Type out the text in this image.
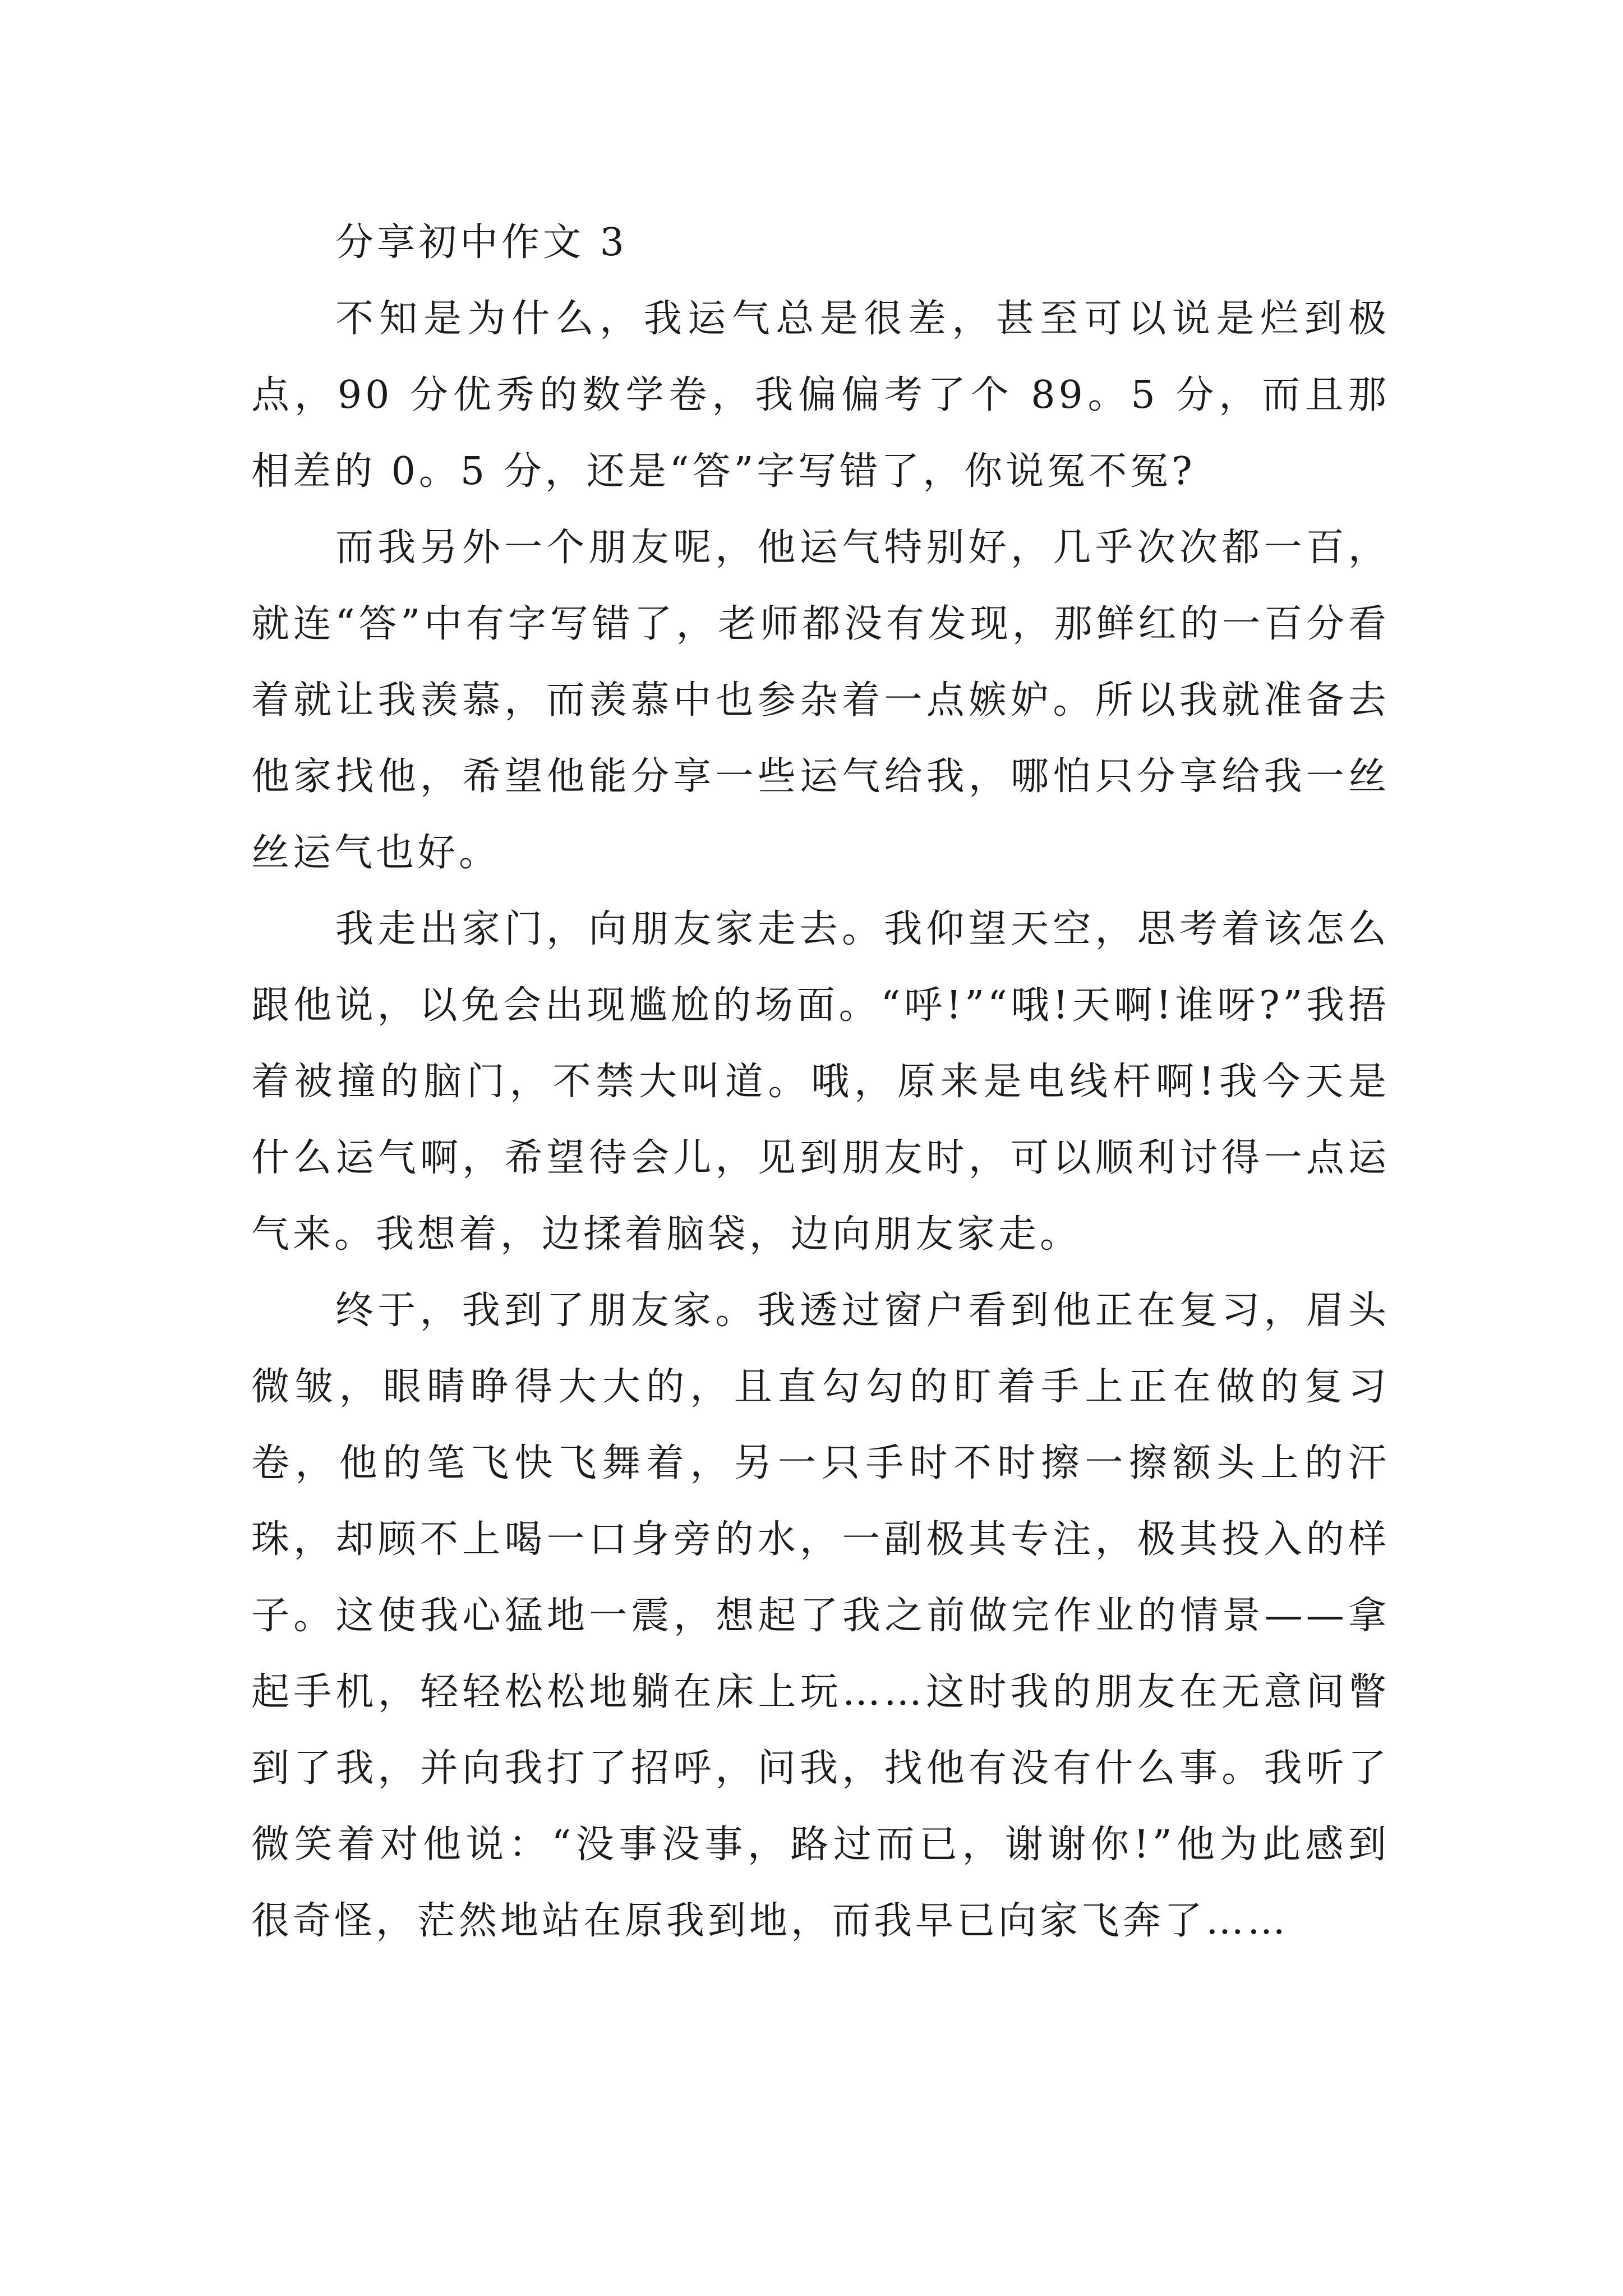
分享初中作文 3

不知是为什么，我运气总是很差，甚至可以说是烂到极点，90 分优秀的数学卷，我偏偏考了个 89。5 分，而且那相差的 0。5 分，还是“答”字写错了，你说冤不冤?

而我另外一个朋友呢，他运气特别好，几乎次次都一百，就连“答”中有字写错了，老师都没有发现，那鲜红的一百分看着就让我羡慕，而羡慕中也参杂着一点嫉妒。所以我就准备去他家找他，希望他能分享一些运气给我，哪怕只分享给我一丝丝运气也好。

我走出家门，向朋友家走去。我仰望天空，思考着该怎么跟他说，以免会出现尴尬的场面。“呼!”“哦!天啊!谁呀?”我捂着被撞的脑门，不禁大叫道。哦，原来是电线杆啊!我今天是什么运气啊，希望待会儿，见到朋友时，可以顺利讨得一点运气来。我想着，边揉着脑袋，边向朋友家走。

终于，我到了朋友家。我透过窗户看到他正在复习，眉头微皱，眼睛睁得大大的，且直勾勾的盯着手上正在做的复习卷，他的笔飞快飞舞着，另一只手时不时擦一擦额头上的汗珠，却顾不上喝一口身旁的水，一副极其专注，极其投入的样子。这使我心猛地一震，想起了我之前做完作业的情景——拿起手机，轻轻松松地躺在床上玩……这时我的朋友在无意间瞥到了我，并向我打了招呼，问我，找他有没有什么事。我听了微笑着对他说：“没事没事，路过而已，谢谢你!”他为此感到很奇怪，茫然地站在原我到地，而我早已向家飞奔了……
